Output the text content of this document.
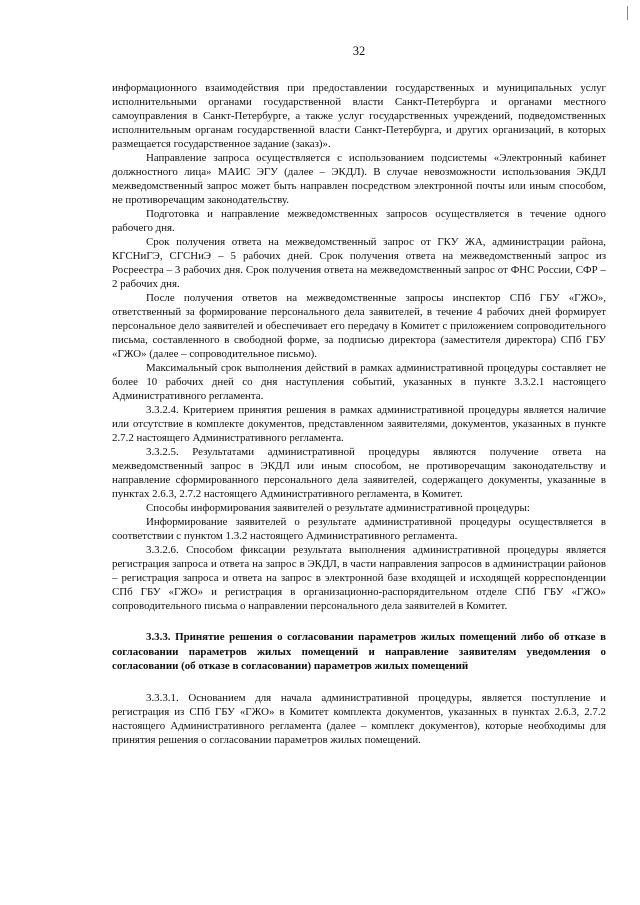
32

информационного взаимодействия при предоставлении государственных и муниципальных услуг исполнительными органами государственной власти Санкт-Петербурга и органами местного самоуправления в Санкт-Петербурге, а также услуг государственных учреждений, подведомственных исполнительным органам государственной власти Санкт-Петербурга, и других организаций, в которых размещается государственное задание (заказ)».

Направление запроса осуществляется с использованием подсистемы «Электронный кабинет должностного лица» МАИС ЭГУ (далее – ЭКДЛ). В случае невозможности использования ЭКДЛ межведомственный запрос может быть направлен посредством электронной почты или иным способом, не противоречащим законодательству.

Подготовка и направление межведомственных запросов осуществляется в течение одного рабочего дня.

Срок получения ответа на межведомственный запрос от ГКУ ЖА, администрации района, КГСНиГЭ, СГСНиЭ – 5 рабочих дней. Срок получения ответа на межведомственный запрос из Росреестра – 3 рабочих дня. Срок получения ответа на межведомственный запрос от ФНС России, СФР – 2 рабочих дня.

После получения ответов на межведомственные запросы инспектор СПб ГБУ «ГЖО», ответственный за формирование персонального дела заявителей, в течение 4 рабочих дней формирует персональное дело заявителей и обеспечивает его передачу в Комитет с приложением сопроводительного письма, составленного в свободной форме, за подписью директора (заместителя директора) СПб ГБУ «ГЖО» (далее – сопроводительное письмо).

Максимальный срок выполнения действий в рамках административной процедуры составляет не более 10 рабочих дней со дня наступления событий, указанных в пункте 3.3.2.1 настоящего Административного регламента.

3.3.2.4. Критерием принятия решения в рамках административной процедуры является наличие или отсутствие в комплекте документов, представленном заявителями, документов, указанных в пункте 2.7.2 настоящего Административного регламента.

3.3.2.5. Результатами административной процедуры являются получение ответа на межведомственный запрос в ЭКДЛ или иным способом, не противоречащим законодательству и направление сформированного персонального дела заявителей, содержащего документы, указанные в пунктах 2.6.3, 2.7.2 настоящего Административного регламента, в Комитет.

Способы информирования заявителей о результате административной процедуры:

Информирование заявителей о результате административной процедуры осуществляется в соответствии с пунктом 1.3.2 настоящего Административного регламента.

3.3.2.6. Способом фиксации результата выполнения административной процедуры является регистрация запроса и ответа на запрос в ЭКДЛ, в части направления запросов в администрации районов – регистрация запроса и ответа на запрос в электронной базе входящей и исходящей корреспонденции СПб ГБУ «ГЖО» и регистрация в организационно-распорядительном отделе СПб ГБУ «ГЖО» сопроводительного письма о направлении персонального дела заявителей в Комитет.

3.3.3. Принятие решения о согласовании параметров жилых помещений либо об отказе в согласовании параметров жилых помещений и направление заявителям уведомления о согласовании (об отказе в согласовании) параметров жилых помещений

3.3.3.1. Основанием для начала административной процедуры, является поступление и регистрация из СПб ГБУ «ГЖО» в Комитет комплекта документов, указанных в пунктах 2.6.3, 2.7.2 настоящего Административного регламента (далее – комплект документов), которые необходимы для принятия решения о согласовании параметров жилых помещений.
